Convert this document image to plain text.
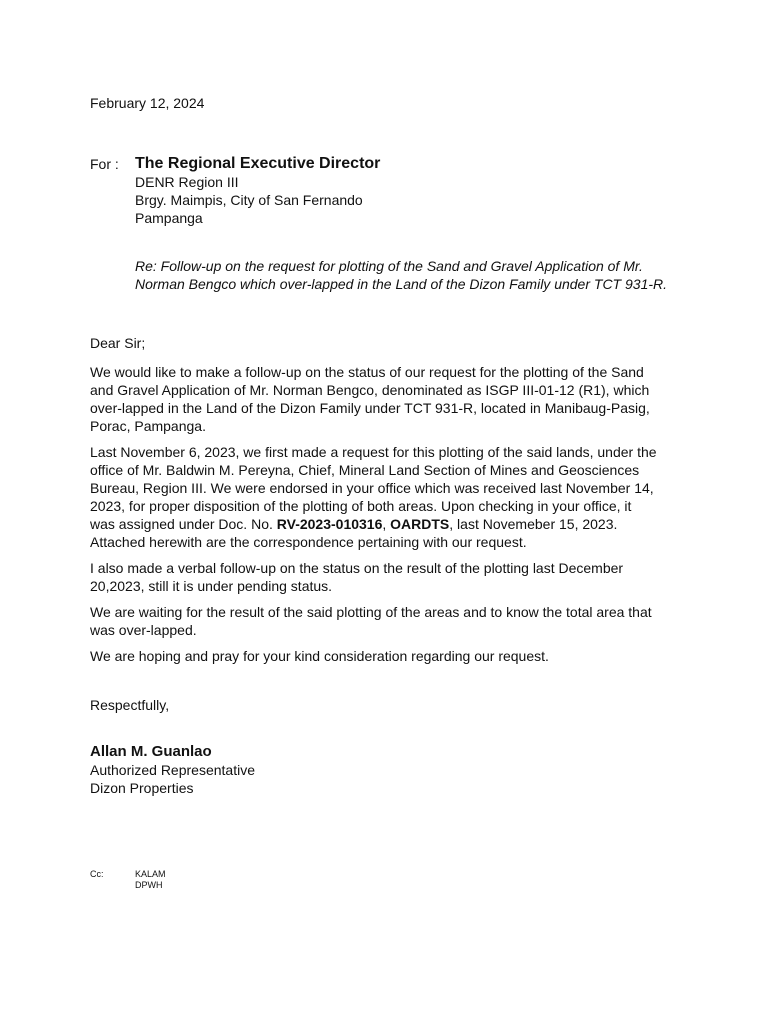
February 12, 2024
For : The Regional Executive Director
DENR Region III
Brgy. Maimpis, City of San Fernando
Pampanga
Re: Follow-up on the request for plotting of the Sand and Gravel Application of Mr. Norman Bengco which over-lapped in the Land of the Dizon Family under TCT 931-R.
Dear Sir;

We would like to make a follow-up on the status of our request for the plotting of the Sand and Gravel Application of Mr. Norman Bengco, denominated as ISGP III-01-12 (R1), which over-lapped in the Land of the Dizon Family under TCT 931-R, located in Manibaug-Pasig, Porac, Pampanga.

Last November 6, 2023, we first made a request for this plotting of the said lands, under the office of Mr. Baldwin M. Pereyna, Chief, Mineral Land Section of Mines and Geosciences Bureau, Region III. We were endorsed in your office which was received last November 14, 2023, for proper disposition of the plotting of both areas. Upon checking in your office, it was assigned under Doc. No. RV-2023-010316, OARDTS, last Novemeber 15, 2023. Attached herewith are the correspondence pertaining with our request.

I also made a verbal follow-up on the status on the result of the plotting last December 20,2023, still it is under pending status.

We are waiting for the result of the said plotting of the areas and to know the total area that was over-lapped.

We are hoping and pray for your kind consideration regarding our request.

Respectfully,
Allan M. Guanlao
Authorized Representative
Dizon Properties
Cc:	KALAM
DPWH
